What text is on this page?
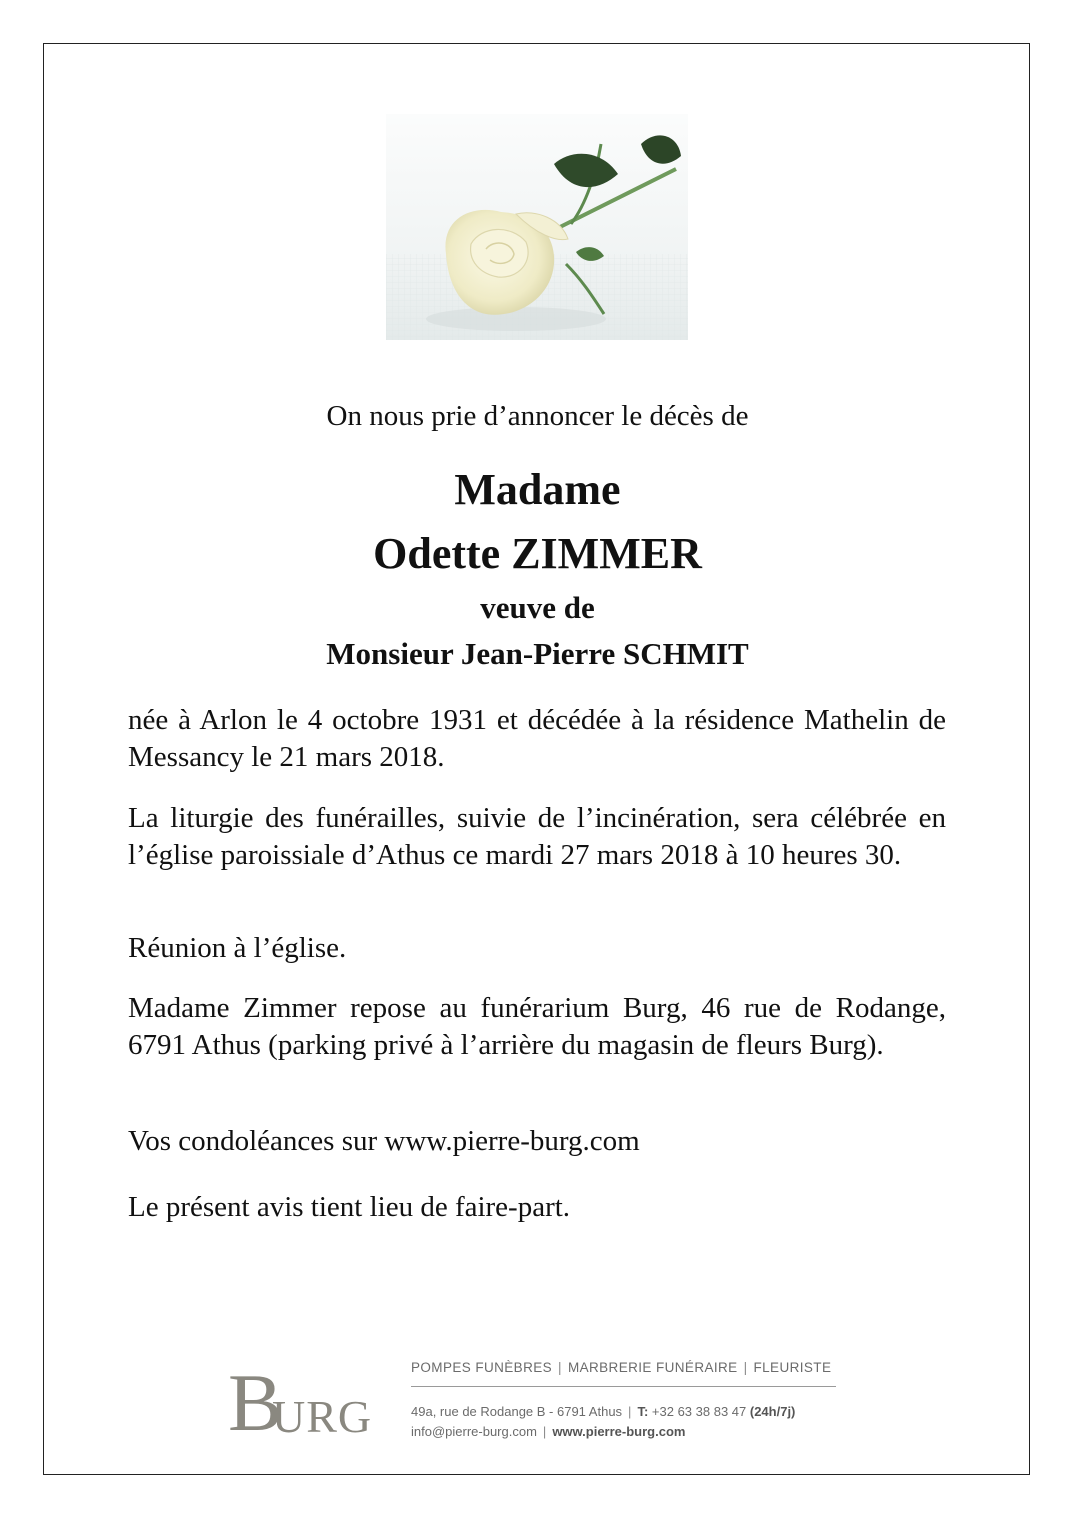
On nous prie d’annoncer le décès de
Madame
Odette ZIMMER
veuve de
Monsieur Jean-Pierre SCHMIT
née à Arlon le 4 octobre 1931 et décédée à la résidence Mathelin de Messancy le 21 mars 2018.
La liturgie des funérailles, suivie de l’incinération, sera célébrée en l’église paroissiale d’Athus ce mardi 27 mars 2018 à 10 heures 30.
Réunion à l’église.
Madame Zimmer repose au funérarium Burg, 46 rue de Rodange, 6791 Athus (parking privé à l’arrière du magasin de fleurs Burg).
Vos condoléances sur www.pierre-burg.com
Le présent avis tient lieu de faire-part.
B
URG
POMPES FUNÈBRES | MARBRERIE FUNÉRAIRE | FLEURISTE
49a, rue de Rodange B - 6791 Athus | T: +32 63 38 83 47 (24h/7j)
info@pierre-burg.com | www.pierre-burg.com
